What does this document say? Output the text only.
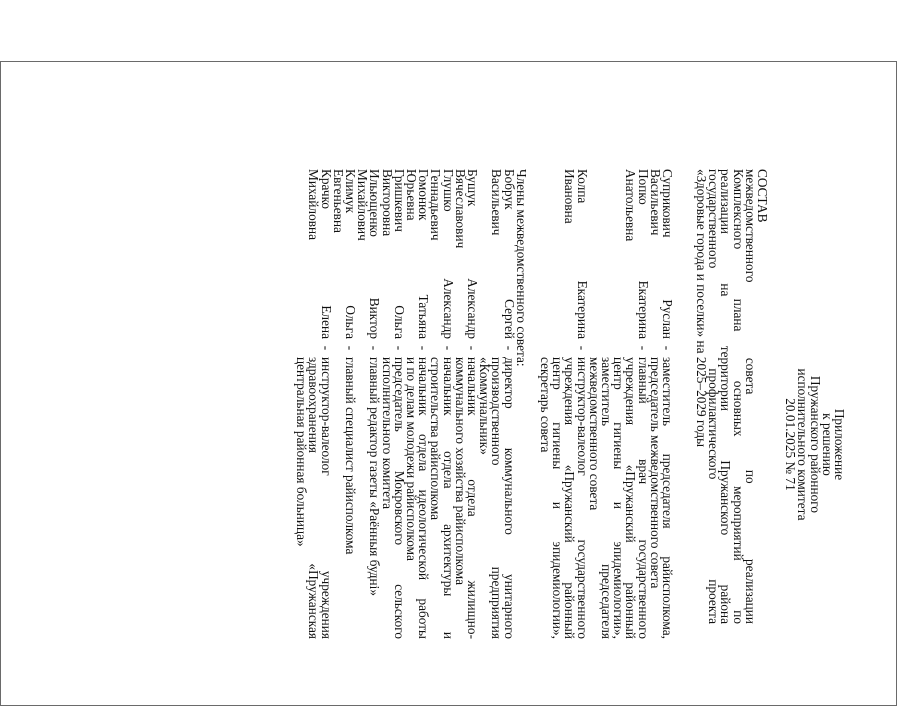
Приложение
к решению
Пружанского районного
исполнительного комитета
20.01.2025 № 71
СОСТАВ
межведомственного совета по реализации
Комплексного плана основных мероприятий по
реализации на территории Пружанского района
государственного профилактического проекта
«Здоровые города и поселки» на 2025–2029 годы
Суприкович
Руслан
Васильевич
-
заместитель председателя райисполкома,
председатель межведомственного совета
Попко
Екатерина
Анатольевна
-
главный врач государственного
учреждения «Пружанский районный
центр гигиены и эпидемиологии»,
заместитель председателя
межведомственного совета
Колпа
Екатерина
Ивановна
-
инструктор-валеолог государственного
учреждения «Пружанский районный
центр гигиены и эпидемиологии»,
секретарь совета
Члены межведомственного совета:
Бобрук
Сергей
Васильевич
-
директор коммунального унитарного
производственного предприятия
«Коммунальник»
Бушук
Александр
Вячеславович
-
начальник отдела жилищно-
коммунального хозяйства райисполкома
Глушко
Александр
Геннадьевич
-
начальник отдела архитектуры и
строительства райисполкома
Гомонюк
Татьяна
Юрьевна
-
начальник отдела идеологической работы
и по делам молодежи райисполкома
Гришкевич
Ольга
Викторовна
-
председатель Мокровского сельского
исполнительного комитета
Ильющенко
Виктор
Михайлович
-
главный редактор газеты «Раённыя будні»
Климук
Ольга
Евгеньевна
-
главный специалист райисполкома
Крачко
Елена
Михайловна
-
инструктор-валеолог учреждения
здравоохранения «Пружанская
центральная районная больница»
